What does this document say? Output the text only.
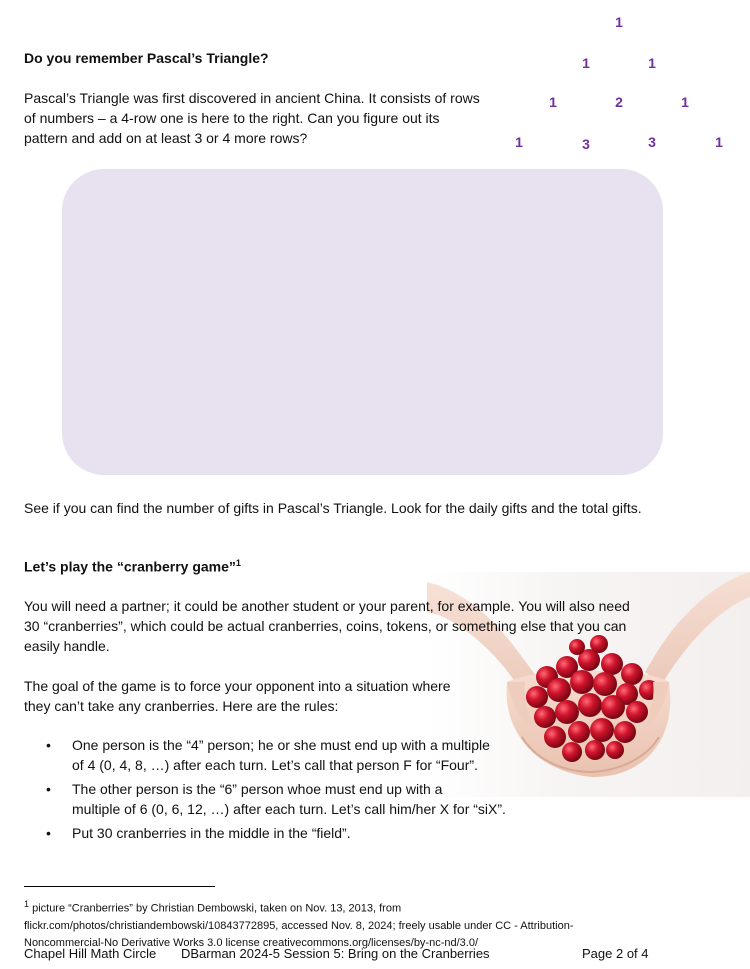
Do you remember Pascal’s Triangle?
Pascal’s Triangle was first discovered in ancient China. It consists of rows
of numbers – a 4-row one is here to the right. Can you figure out its
pattern and add on at least 3 or 4 more rows?
1
1	1
1	2	1
1	3	3	1
See if you can find the number of gifts in Pascal’s Triangle. Look for the daily gifts and the total gifts.
Let’s play the “cranberry game”$^1$
You will need a partner; it could be another student or your parent, for example. You will also need
30 “cranberries”, which could be actual cranberries, coins, tokens, or something else that you can
easily handle.
The goal of the game is to force your opponent into a situation where
they can’t take any cranberries. Here are the rules:
• One person is the “4” person; he or she must end up with a multiple
of 4 (0, 4, 8, …) after each turn. Let’s call that person F for “Four”.
• The other person is the “6” person whoe must end up with a
multiple of 6 (0, 6, 12, …) after each turn. Let’s call him/her X for “siX”.
• Put 30 cranberries in the middle in the “field”.
$^1$ picture “Cranberries” by Christian Dembowski, taken on Nov. 13, 2013, from
flickr.com/photos/christiandembowski/10843772895, accessed Nov. 8, 2024; freely usable under CC - Attribution-
Noncommercial-No Derivative Works 3.0 license creativecommons.org/licenses/by-nc-nd/3.0/
Chapel Hill Math Circle DBarman 2024-5 Session 5: Bring on the Cranberries	Page 2 of 4
